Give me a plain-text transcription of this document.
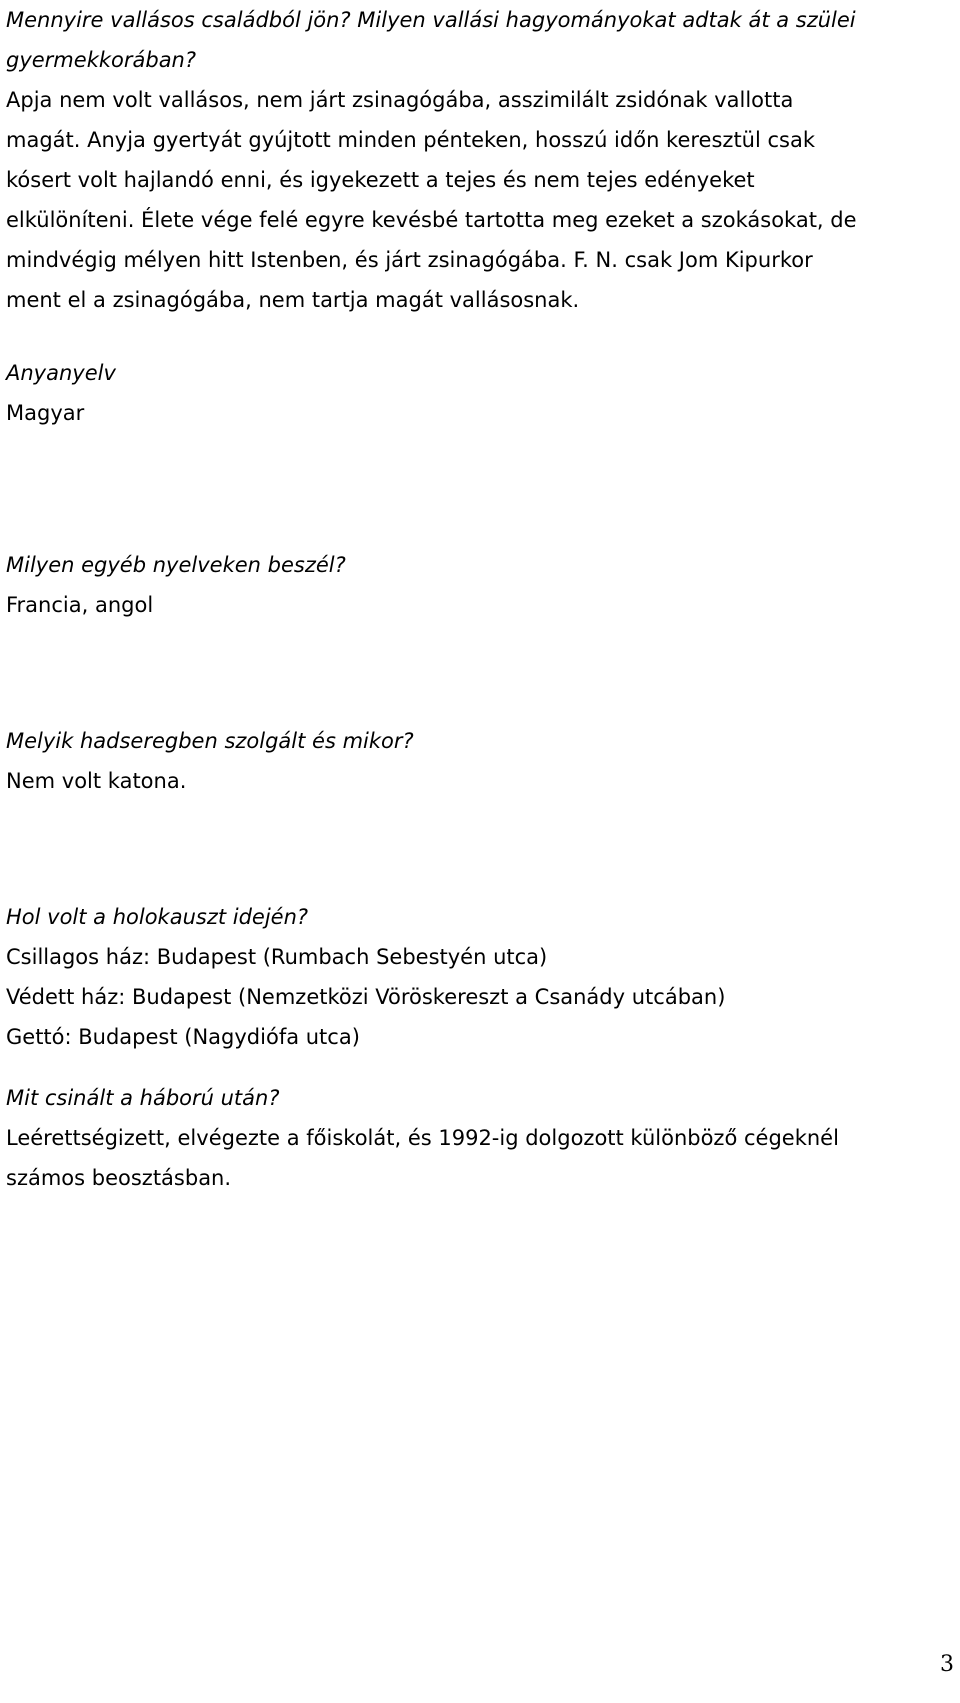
Mennyire vallásos családból jön? Milyen vallási hagyományokat adtak át a szülei

gyermekkorában?

Apja nem volt vallásos, nem járt zsinagógába, asszimilált zsidónak vallotta

magát. Anyja gyertyát gyújtott minden pénteken, hosszú időn keresztül csak

kósert volt hajlandó enni, és igyekezett a tejes és nem tejes edényeket

elkülöníteni. Élete vége felé egyre kevésbé tartotta meg ezeket a szokásokat, de

mindvégig mélyen hitt Istenben, és járt zsinagógába. F. N. csak Jom Kipurkor

ment el a zsinagógába, nem tartja magát vallásosnak.

Anyanyelv

Magyar

Milyen egyéb nyelveken beszél?

Francia, angol

Melyik hadseregben szolgált és mikor?

Nem volt katona.

Hol volt a holokauszt idején?

Csillagos ház: Budapest (Rumbach Sebestyén utca)

Védett ház: Budapest (Nemzetközi Vöröskereszt a Csanády utcában)

Gettó: Budapest (Nagydiófa utca)

Mit csinált a háború után?

Leérettségizett, elvégezte a főiskolát, és 1992-ig dolgozott különböző cégeknél

számos beosztásban.

3
